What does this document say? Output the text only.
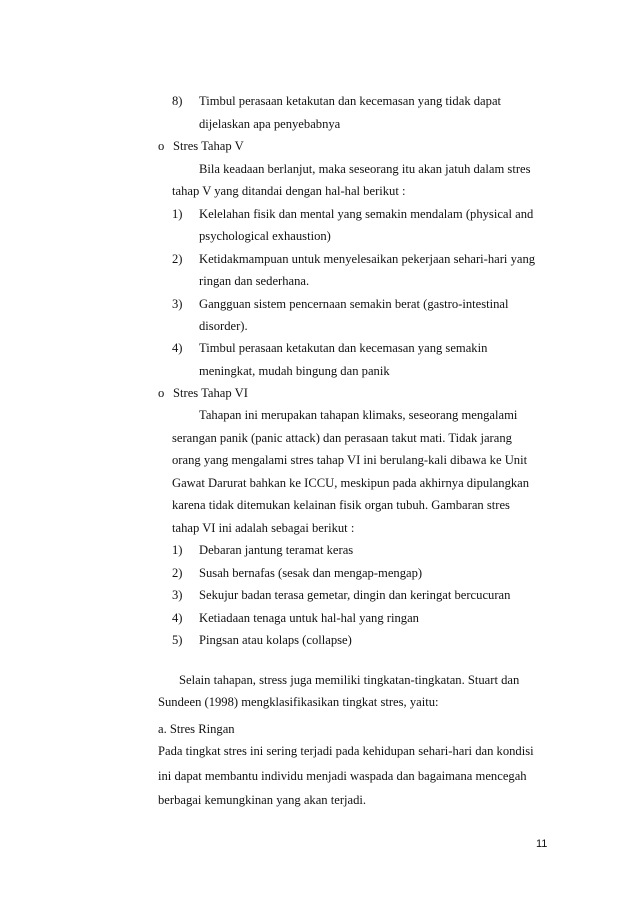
8) Timbul perasaan ketakutan dan kecemasan yang tidak dapat
dijelaskan apa penyebabnya
o Stres Tahap V
Bila keadaan berlanjut, maka seseorang itu akan jatuh dalam stres
tahap V yang ditandai dengan hal-hal berikut :
1) Kelelahan fisik dan mental yang semakin mendalam (physical and
psychological exhaustion)
2) Ketidakmampuan untuk menyelesaikan pekerjaan sehari-hari yang
ringan dan sederhana.
3) Gangguan sistem pencernaan semakin berat (gastro-intestinal
disorder).
4) Timbul perasaan ketakutan dan kecemasan yang semakin
meningkat, mudah bingung dan panik
o Stres Tahap VI
Tahapan ini merupakan tahapan klimaks, seseorang mengalami
serangan panik (panic attack) dan perasaan takut mati. Tidak jarang
orang yang mengalami stres tahap VI ini berulang-kali dibawa ke Unit
Gawat Darurat bahkan ke ICCU, meskipun pada akhirnya dipulangkan
karena tidak ditemukan kelainan fisik organ tubuh. Gambaran stres
tahap VI ini adalah sebagai berikut :
1) Debaran jantung teramat keras
2) Susah bernafas (sesak dan mengap-mengap)
3) Sekujur badan terasa gemetar, dingin dan keringat bercucuran
4) Ketiadaan tenaga untuk hal-hal yang ringan
5) Pingsan atau kolaps (collapse)
Selain tahapan, stress juga memiliki tingkatan-tingkatan. Stuart dan
Sundeen (1998) mengklasifikasikan tingkat stres, yaitu:
a. Stres Ringan
Pada tingkat stres ini sering terjadi pada kehidupan sehari-hari dan kondisi
ini dapat membantu individu menjadi waspada dan bagaimana mencegah
berbagai kemungkinan yang akan terjadi.
11
